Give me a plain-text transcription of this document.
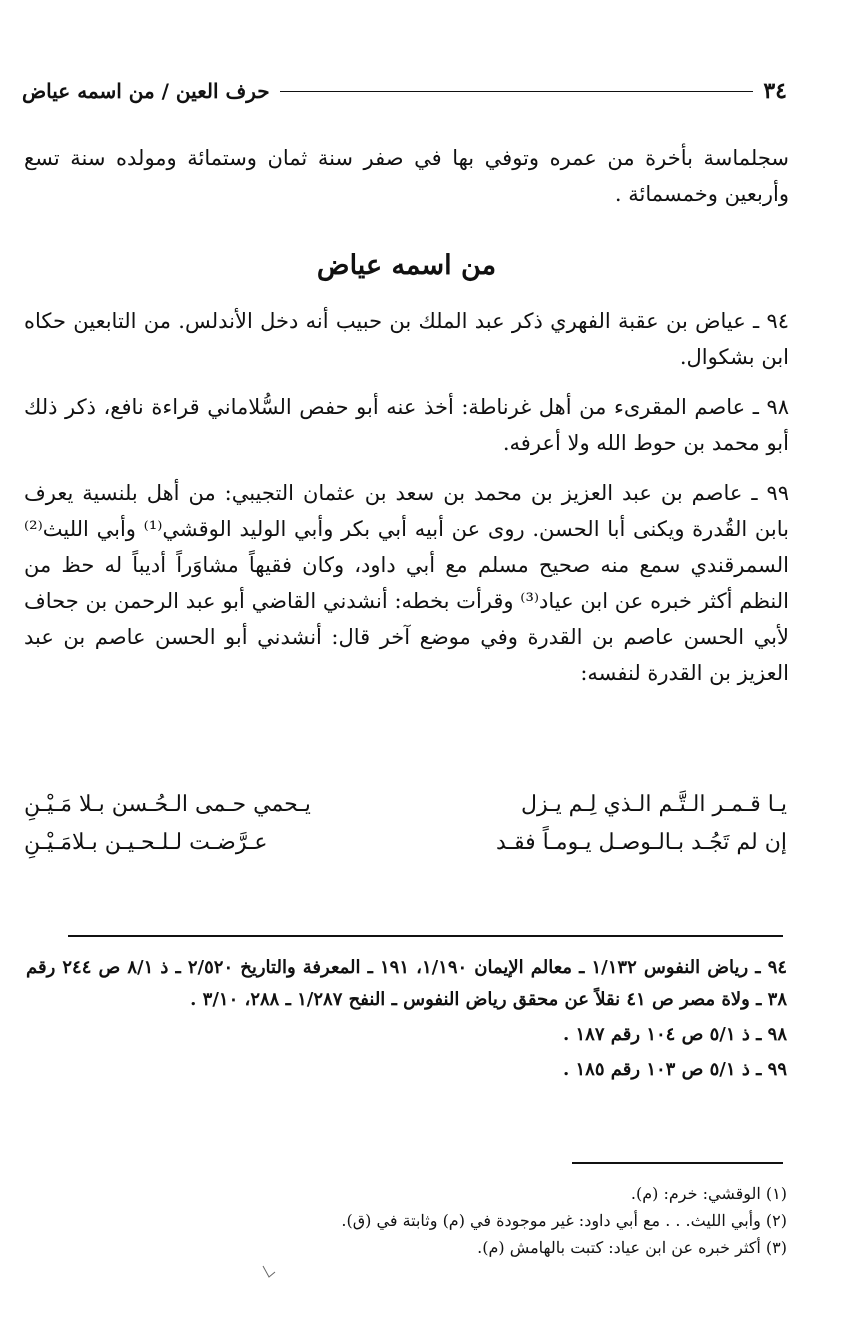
٣٤
حرف العين / من اسمه عياض

سجلماسة بأخرة من عمره وتوفي بها في صفر سنة ثمان وستمائة ومولده سنة تسع وأربعين وخمسمائة .

من اسمه عياض

٩٤ ـ عياض بن عقبة الفهري ذكر عبد الملك بن حبيب أنه دخل الأندلس. من التابعين حكاه ابن بشكوال.

٩٨ ـ عاصم المقرىء من أهل غرناطة: أخذ عنه أبو حفص السُّلاماني قراءة نافع، ذكر ذلك أبو محمد بن حوط الله ولا أعرفه.

٩٩ ـ عاصم بن عبد العزيز بن محمد بن سعد بن عثمان التجيبي: من أهل بلنسية يعرف بابن القُدرة ويكنى أبا الحسن. روى عن أبيه أبي بكر وأبي الوليد الوقشي⁽¹⁾ وأبي الليث⁽²⁾ السمرقندي سمع منه صحيح مسلم مع أبي داود، وكان فقيهاً مشاوَراً أديباً له حظ من النظم أكثر خبره عن ابن عياد⁽³⁾ وقرأت بخطه: أنشدني القاضي أبو عبد الرحمن بن جحاف لأبي الحسن عاصم بن القدرة وفي موضع آخر قال: أنشدني أبو الحسن عاصم بن عبد العزيز بن القدرة لنفسه:

يـا قـمـر الـتَّـم الـذي لِـم يـزل
يـحمي حـمى الـحُـسن بـلا مَـيْـنِ
إن لم تَجُـد بـالـوصـل يـومـاً فقـد
عـرَّضـت لـلـحـيـن بـلامَـيْـنِ

٩٤ ـ رياض النفوس ١/١٣٢ ـ معالم الإيمان ١/١٩٠، ١٩١ ـ المعرفة والتاريخ ٢/٥٢٠ ـ ذ ٨/١ ص ٢٤٤ رقم ٣٨ ـ ولاة مصر ص ٤١ نقلاً عن محقق رياض النفوس ـ النفح ١/٢٨٧ ـ ٢٨٨، ٣/١٠ .

٩٨ ـ ذ ٥/١ ص ١٠٤ رقم ١٨٧ .

٩٩ ـ ذ ٥/١ ص ١٠٣ رقم ١٨٥ .

(١) الوقشي: خرم: (م).

(٢) وأبي الليث. . . مع أبي داود: غير موجودة في (م) وثابتة في (ق).

(٣) أكثر خبره عن ابن عياد: كتبت بالهامش (م).
